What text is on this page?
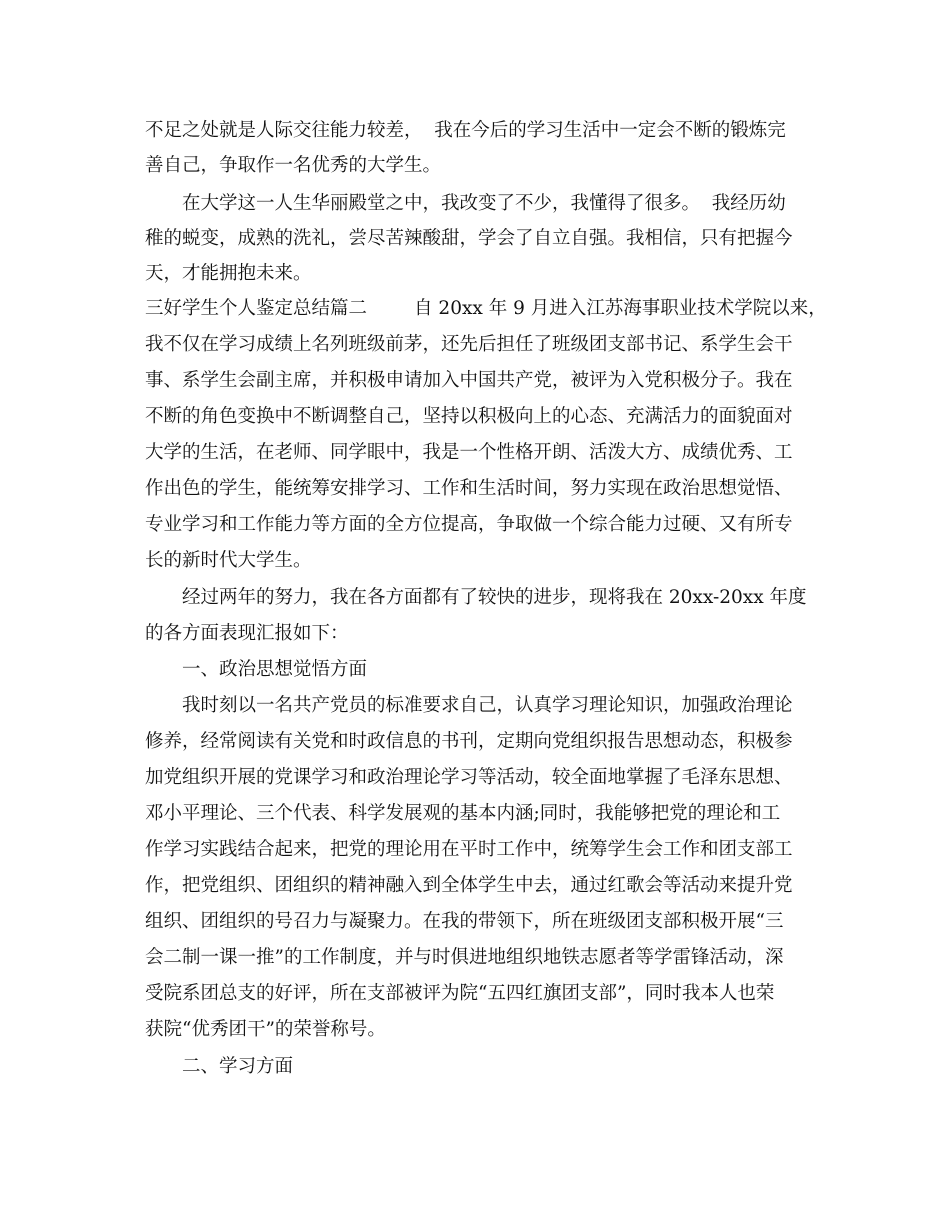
不足之处就是人际交往能力较差，  我在今后的学习生活中一定会不断的锻炼完
善自己，争取作一名优秀的大学生。
在大学这一人生华丽殿堂之中，我改变了不少，我懂得了很多。  我经历幼
稚的蜕变，成熟的洗礼，尝尽苦辣酸甜，学会了自立自强。我相信，只有把握今
天，才能拥抱未来。
三好学生个人鉴定总结篇二        自 20xx 年 9 月进入江苏海事职业技术学院以来，
我不仅在学习成绩上名列班级前茅，还先后担任了班级团支部书记、系学生会干
事、系学生会副主席，并积极申请加入中国共产党，被评为入党积极分子。我在
不断的角色变换中不断调整自己，坚持以积极向上的心态、充满活力的面貌面对
大学的生活，在老师、同学眼中，我是一个性格开朗、活泼大方、成绩优秀、工
作出色的学生，能统筹安排学习、工作和生活时间，努力实现在政治思想觉悟、
专业学习和工作能力等方面的全方位提高，争取做一个综合能力过硬、又有所专
长的新时代大学生。
经过两年的努力，我在各方面都有了较快的进步，现将我在 20xx-20xx 年度
的各方面表现汇报如下：
一、政治思想觉悟方面
我时刻以一名共产党员的标准要求自己，认真学习理论知识，加强政治理论
修养，经常阅读有关党和时政信息的书刊，定期向党组织报告思想动态，积极参
加党组织开展的党课学习和政治理论学习等活动，较全面地掌握了毛泽东思想、
邓小平理论、三个代表、科学发展观的基本内涵;同时，我能够把党的理论和工
作学习实践结合起来，把党的理论用在平时工作中，统筹学生会工作和团支部工
作，把党组织、团组织的精神融入到全体学生中去，通过红歌会等活动来提升党
组织、团组织的号召力与凝聚力。在我的带领下，所在班级团支部积极开展“三
会二制一课一推”的工作制度，并与时俱进地组织地铁志愿者等学雷锋活动，深
受院系团总支的好评，所在支部被评为院“五四红旗团支部”，同时我本人也荣
获院“优秀团干”的荣誉称号。
二、学习方面
